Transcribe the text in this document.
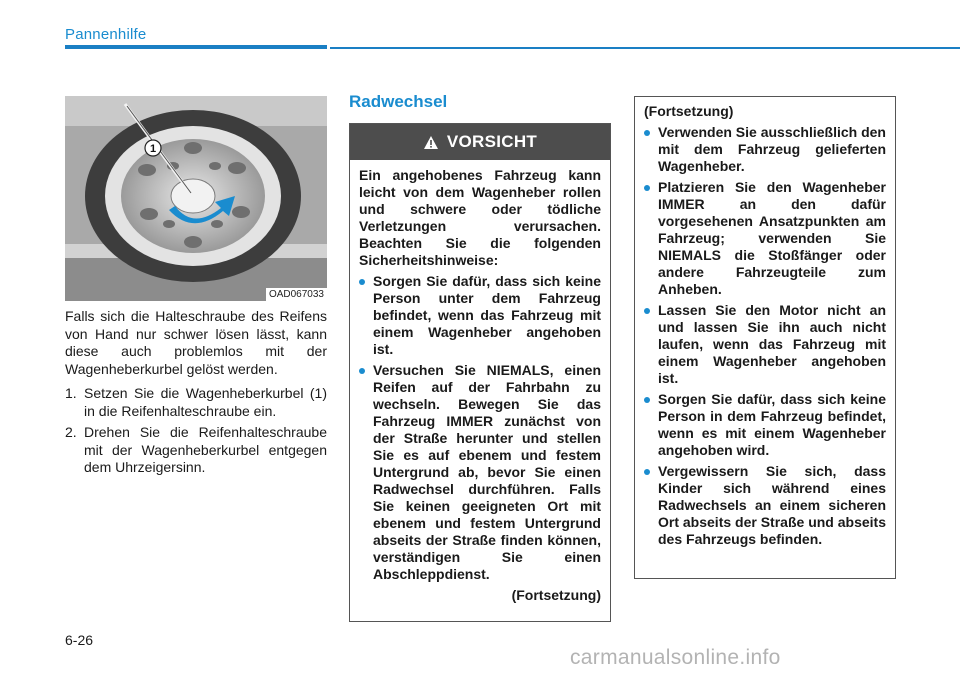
Pannenhilfe
1
OAD067033

Falls sich die Halteschraube des Reifens von Hand nur schwer lösen lässt, kann diese auch problemlos mit der Wagenheberkurbel gelöst werden.

1. Setzen Sie die Wagenheberkurbel (1) in die Reifenhalteschraube ein.
2. Drehen Sie die Reifenhalteschraube mit der Wagenheberkurbel entgegen dem Uhrzeigersinn.
Radwechsel
VORSICHT

Ein angehobenes Fahrzeug kann leicht von dem Wagenheber rollen und schwere oder tödliche Verletzungen verursachen. Beachten Sie die folgenden Sicherheitshinweise:

Sorgen Sie dafür, dass sich keine Person unter dem Fahrzeug befindet, wenn das Fahrzeug mit einem Wagenheber angehoben ist.
Versuchen Sie NIEMALS, einen Reifen auf der Fahrbahn zu wechseln. Bewegen Sie das Fahrzeug IMMER zunächst von der Straße herunter und stellen Sie es auf ebenem und festem Untergrund ab, bevor Sie einen Radwechsel durchführen. Falls Sie keinen geeigneten Ort mit ebenem und festem Untergrund abseits der Straße finden können, verständigen Sie einen Abschleppdienst.
(Fortsetzung)

(Fortsetzung)

Verwenden Sie ausschließlich den mit dem Fahrzeug gelieferten Wagenheber.
Platzieren Sie den Wagenheber IMMER an den dafür vorgesehenen Ansatzpunkten am Fahrzeug; verwenden Sie NIEMALS die Stoßfänger oder andere Fahrzeugteile zum Anheben.
Lassen Sie den Motor nicht an und lassen Sie ihn auch nicht laufen, wenn das Fahrzeug mit einem Wagenheber angehoben ist.
Sorgen Sie dafür, dass sich keine Person in dem Fahrzeug befindet, wenn es mit einem Wagenheber angehoben wird.
Vergewissern Sie sich, dass Kinder sich während eines Radwechsels an einem sicheren Ort abseits der Straße und abseits des Fahrzeugs befinden.
6-26
carmanualsonline.info
